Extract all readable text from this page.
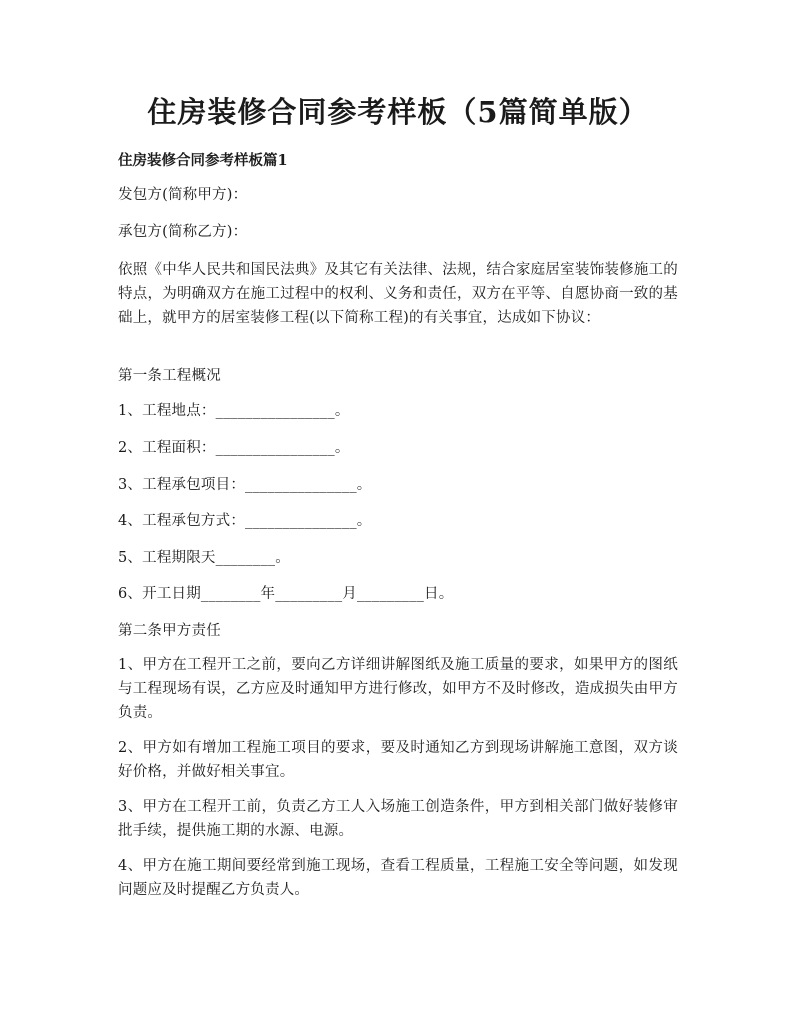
住房装修合同参考样板（5篇简单版）
住房装修合同参考样板篇1

发包方(简称甲方)：

承包方(简称乙方)：

依照《中华人民共和国民法典》及其它有关法律、法规，结合家庭居室装饰装修施工的特点，为明确双方在施工过程中的权利、义务和责任，双方在平等、自愿协商一致的基础上，就甲方的居室装修工程(以下简称工程)的有关事宜，达成如下协议：

第一条工程概况

1、工程地点：________________。

2、工程面积：________________。

3、工程承包项目：_______________。

4、工程承包方式：_______________。

5、工程期限天________。

6、开工日期________年_________月_________日。

第二条甲方责任

1、甲方在工程开工之前，要向乙方详细讲解图纸及施工质量的要求，如果甲方的图纸与工程现场有误，乙方应及时通知甲方进行修改，如甲方不及时修改，造成损失由甲方负责。

2、甲方如有增加工程施工项目的要求，要及时通知乙方到现场讲解施工意图，双方谈好价格，并做好相关事宜。

3、甲方在工程开工前，负责乙方工人入场施工创造条件，甲方到相关部门做好装修审批手续，提供施工期的水源、电源。

4、甲方在施工期间要经常到施工现场，查看工程质量，工程施工安全等问题，如发现问题应及时提醒乙方负责人。
